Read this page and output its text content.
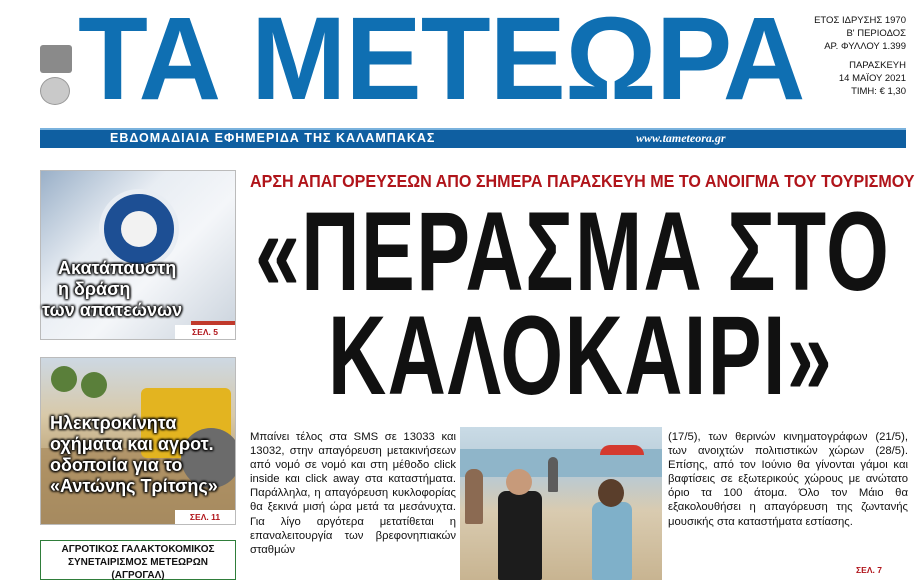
ΤΑ ΜΕΤΕΩΡΑ	ΕΤΟΣ ΙΔΡΥΣΗΣ 1970
Β' ΠΕΡΙΟΔΟΣ
ΑΡ. ΦΥΛΛΟΥ 1.399
ΠΑΡΑΣΚΕΥΗ
14 ΜΑΪΟΥ 2021
ΤΙΜΗ: € 1,30
ΕΒΔΟΜΑΔΙΑΙΑ ΕΦΗΜΕΡΙΔΑ ΤΗΣ ΚΑΛΑΜΠΑΚΑΣ	www.tameteora.gr
ΣΕΛ. 5
Ακατάπαυστη
η δράση
των απατεώνων
ΣΕΛ. 11
Ηλεκτροκίνητα
οχήματα και αγροτ.
οδοποιία για το
«Αντώνης Τρίτσης»
ΑΓΡΟΤΙΚΟΣ ΓΑΛΑΚΤΟΚΟΜΙΚΟΣ
ΣΥΝΕΤΑΙΡΙΣΜΟΣ ΜΕΤΕΩΡΩΝ (ΑΓΡΟΓΑΛ)
ΑΡΣΗ ΑΠΑΓΟΡΕΥΣΕΩΝ ΑΠΟ ΣΗΜΕΡΑ ΠΑΡΑΣΚΕΥΗ ΜΕ ΤΟ ΑΝΟΙΓΜΑ ΤΟΥ ΤΟΥΡΙΣΜΟΥ
«ΠΕΡΑΣΜΑ ΣΤΟ
ΚΑΛΟΚΑΙΡΙ»
Μπαίνει τέλος στα SMS σε 13033 και 13032, στην απαγόρευση μετακινήσεων από νομό σε νομό και στη μέθοδο click inside και click away στα καταστήματα. Παράλληλα, η απαγόρευση κυκλοφορίας θα ξεκινά μισή ώρα μετά τα μεσάνυχτα. Για λίγο αργότερα μετατίθεται η επαναλειτουργία των βρεφονηπιακών σταθμών
(17/5), των θερινών κινηματογράφων (21/5), των ανοιχτών πολιτιστικών χώρων (28/5). Επίσης, από τον Ιούνιο θα γίνονται γάμοι και βαφτίσεις σε εξωτερικούς χώρους με ανώτατο όριο τα 100 άτομα. Όλο τον Μάιο θα εξακολουθήσει η απαγόρευση της ζωντανής μουσικής στα καταστήματα εστίασης.
ΣΕΛ. 7
